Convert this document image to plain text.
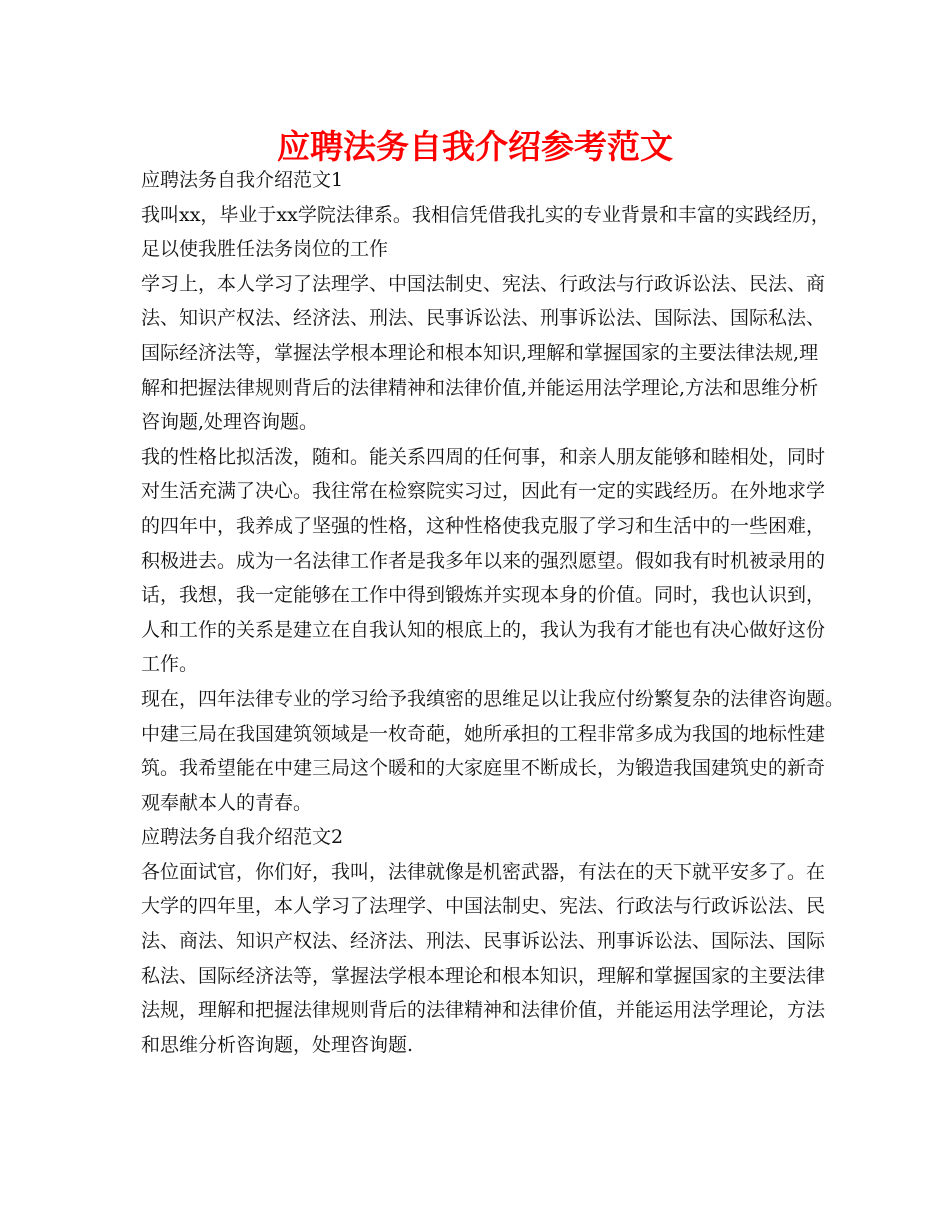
应聘法务自我介绍参考范文
应聘法务自我介绍范文1
我叫xx，毕业于xx学院法律系。我相信凭借我扎实的专业背景和丰富的实践经历，
足以使我胜任法务岗位的工作
学习上，本人学习了法理学、中国法制史、宪法、行政法与行政诉讼法、民法、商
法、知识产权法、经济法、刑法、民事诉讼法、刑事诉讼法、国际法、国际私法、
国际经济法等，掌握法学根本理论和根本知识,理解和掌握国家的主要法律法规,理
解和把握法律规则背后的法律精神和法律价值,并能运用法学理论,方法和思维分析
咨询题,处理咨询题。
我的性格比拟活泼，随和。能关系四周的任何事，和亲人朋友能够和睦相处，同时
对生活充满了决心。我往常在检察院实习过，因此有一定的实践经历。在外地求学
的四年中，我养成了坚强的性格，这种性格使我克服了学习和生活中的一些困难，
积极进去。成为一名法律工作者是我多年以来的强烈愿望。假如我有时机被录用的
话，我想，我一定能够在工作中得到锻炼并实现本身的价值。同时，我也认识到，
人和工作的关系是建立在自我认知的根底上的，我认为我有才能也有决心做好这份
工作。
现在，四年法律专业的学习给予我缜密的思维足以让我应付纷繁复杂的法律咨询题。
中建三局在我国建筑领域是一枚奇葩，她所承担的工程非常多成为我国的地标性建
筑。我希望能在中建三局这个暖和的大家庭里不断成长，为锻造我国建筑史的新奇
观奉献本人的青春。
应聘法务自我介绍范文2
各位面试官，你们好，我叫，法律就像是机密武器，有法在的天下就平安多了。在
大学的四年里，本人学习了法理学、中国法制史、宪法、行政法与行政诉讼法、民
法、商法、知识产权法、经济法、刑法、民事诉讼法、刑事诉讼法、国际法、国际
私法、国际经济法等，掌握法学根本理论和根本知识，理解和掌握国家的主要法律
法规，理解和把握法律规则背后的法律精神和法律价值，并能运用法学理论，方法
和思维分析咨询题，处理咨询题.
